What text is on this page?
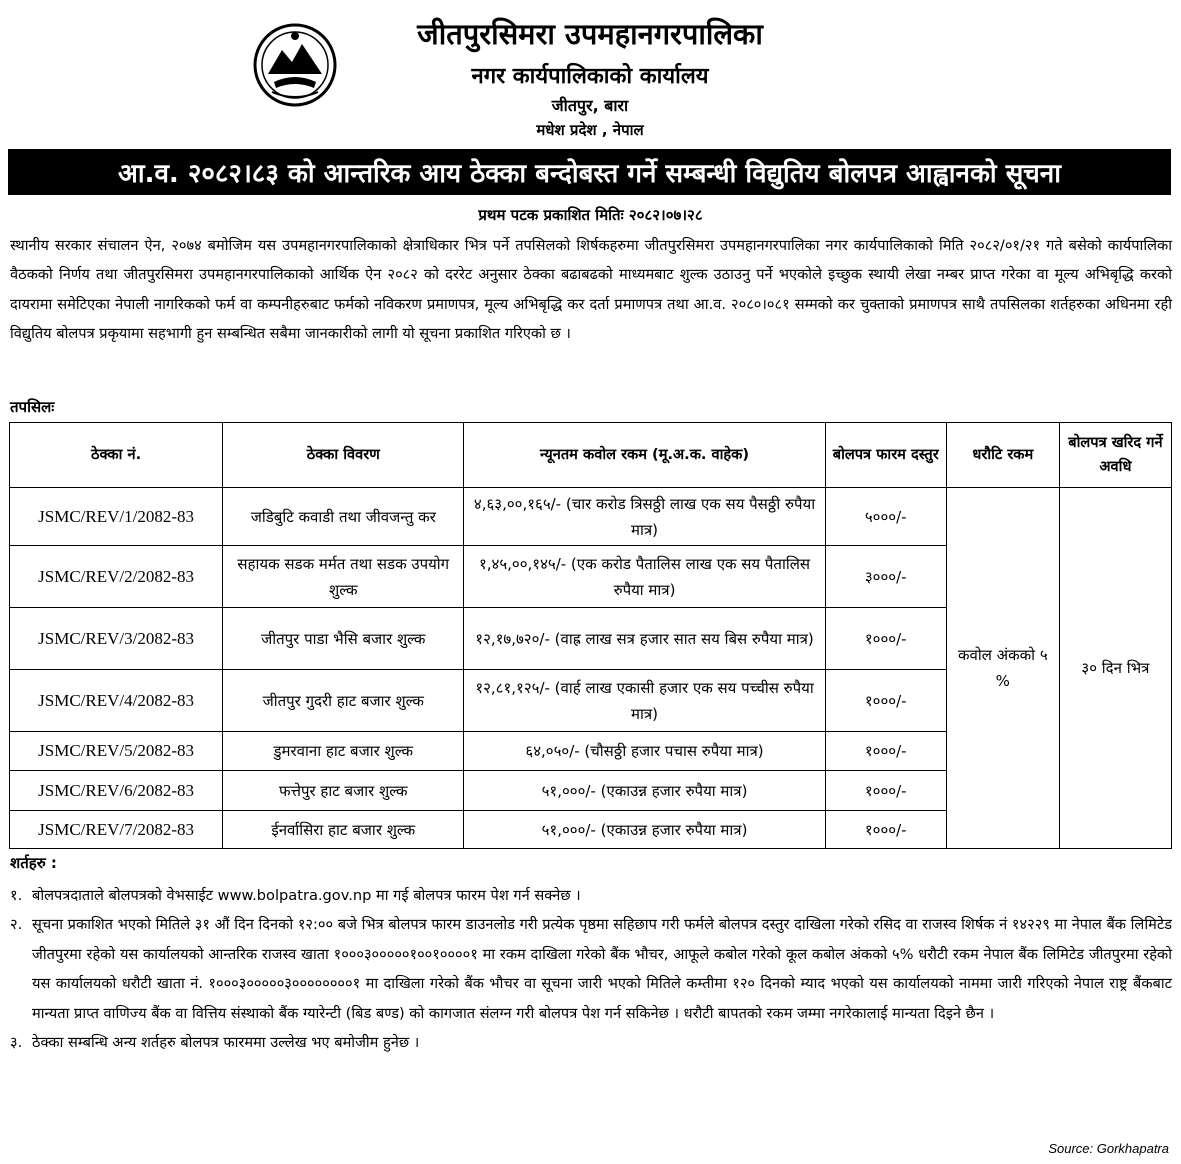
जीतपुरसिमरा उपमहानगरपालिका
नगर कार्यपालिकाको कार्यालय
जीतपुर, बारा
मधेश प्रदेश , नेपाल
आ.व. २०८२।८३ को आन्तरिक आय ठेक्का बन्दोबस्त गर्ने सम्बन्धी विद्युतिय बोलपत्र आह्वानको सूचना
प्रथम पटक प्रकाशित मितिः २०८२।०७।२८
स्थानीय सरकार संचालन ऐन, २०७४ बमोजिम यस उपमहानगरपालिकाको क्षेत्राधिकार भित्र पर्ने तपसिलको शिर्षकहरुमा जीतपुरसिमरा उपमहानगरपालिका नगर कार्यपालिकाको मिति २०८२/०१/२१ गते बसेको कार्यपालिका वैठकको निर्णय तथा जीतपुरसिमरा उपमहानगरपालिकाको आर्थिक ऐन २०८२ को दररेट अनुसार ठेक्का बढाबढको माध्यमबाट शुल्क उठाउनु पर्ने भएकोले इच्छुक स्थायी लेखा नम्बर प्राप्त गरेका वा मूल्य अभिबृद्धि करको दायरामा समेटिएका नेपाली नागरिकको फर्म वा कम्पनीहरुबाट फर्मको नविकरण प्रमाणपत्र, मूल्य अभिबृद्धि कर दर्ता प्रमाणपत्र तथा आ.व. २०८०।०८१ सम्मको कर चुक्ताको प्रमाणपत्र साथै तपसिलका शर्तहरुका अधिनमा रही विद्युतिय बोलपत्र प्रकृयामा सहभागी हुन सम्बन्धित सबैमा जानकारीको लागी यो सूचना प्रकाशित गरिएको छ ।
तपसिलः
ठेक्का नं.	ठेक्का विवरण	न्यूनतम कवोल रकम (मू.अ.क. वाहेक)	बोलपत्र फारम दस्तुर	धरौटि रकम	बोलपत्र खरिद गर्ने अवधि
JSMC/REV/1/2082-83	जडिबुटि कवाडी तथा जीवजन्तु कर	४,६३,००,१६५/- (चार करोड त्रिसठ्ठी लाख एक सय पैसठ्ठी रुपैया मात्र)	५०००/-	कवोल अंकको ५ %	३० दिन भित्र
JSMC/REV/2/2082-83	सहायक सडक मर्मत तथा सडक उपयोग शुल्क	१,४५,००,१४५/- (एक करोड पैतालिस लाख एक सय पैतालिस रुपैया मात्र)	३०००/-		
JSMC/REV/3/2082-83	जीतपुर पाडा भैसि बजार शुल्क	१२,१७,७२०/- (वाह्र लाख सत्र हजार सात सय बिस रुपैया मात्र)	१०००/-		
JSMC/REV/4/2082-83	जीतपुर गुदरी हाट बजार शुल्क	१२,८१,१२५/- (वार्ह लाख एकासी हजार एक सय पच्चीस रुपैया मात्र)	१०००/-		
JSMC/REV/5/2082-83	डुमरवाना हाट बजार शुल्क	६४,०५०/- (चौसठ्ठी हजार पचास रुपैया मात्र)	१०००/-		
JSMC/REV/6/2082-83	फत्तेपुर हाट बजार शुल्क	५१,०००/- (एकाउन्न हजार रुपैया मात्र)	१०००/-		
JSMC/REV/7/2082-83	ईनर्वासिरा हाट बजार शुल्क	५१,०००/- (एकाउन्न हजार रुपैया मात्र)	१०००/-		
शर्तहरु :
१. बोलपत्रदाताले बोलपत्रको वेभसाईट www.bolpatra.gov.np मा गई बोलपत्र फारम पेश गर्न सक्नेछ ।
२. सूचना प्रकाशित भएको मितिले ३१ औं दिन दिनको १२:०० बजे भित्र बोलपत्र फारम डाउनलोड गरी प्रत्येक पृष्ठमा सहिछाप गरी फर्मले बोलपत्र दस्तुर दाखिला गरेको रसिद वा राजस्व शिर्षक नं १४२२९ मा नेपाल बैंक लिमिटेड जीतपुरमा रहेको यस कार्यालयको आन्तरिक राजस्व खाता १०००३०००००१००१००००१ मा रकम दाखिला गरेको बैंक भौचर, आफूले कबोल गरेको कूल कबोल अंकको ५% धरौटी रकम नेपाल बैंक लिमिटेड जीतपुरमा रहेको यस कार्यालयको धरौटी खाता नं. १०००३०००००३००००००००१ मा दाखिला गरेको बैंक भौचर वा सूचना जारी भएको मितिले कम्तीमा १२० दिनको म्याद भएको यस कार्यालयको नाममा जारी गरिएको नेपाल राष्ट्र बैंकबाट मान्यता प्राप्त वाणिज्य बैंक वा वित्तिय संस्थाको बैंक ग्यारेन्टी (बिड बण्ड) को कागजात संलग्न गरी बोलपत्र पेश गर्न सकिनेछ । धरौटी बापतको रकम जम्मा नगरेकालाई मान्यता दिइने छैन ।
३. ठेक्का सम्बन्धि अन्य शर्तहरु बोलपत्र फारममा उल्लेख भए बमोजीम हुनेछ ।
Source: Gorkhapatra
